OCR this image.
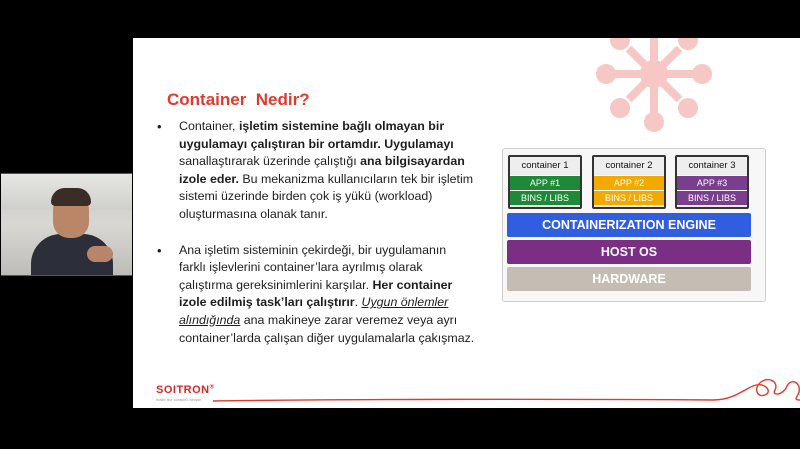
Container  Nedir?
• Container, işletim sistemine bağlı olmayan bir uygulamayı çalıştıran bir ortamdır. Uygulamayı sanallaştırarak üzerinde çalıştığı ana bilgisayardan izole eder. Bu mekanizma kullanıcıların tek bir işletim sistemi üzerinde birden çok iş yükü (workload) oluşturmasına olanak tanır.
• Ana işletim sisteminin çekirdeği, bir uygulamanın farklı işlevlerini container’lara ayrılmış olarak çalıştırma gereksinimlerini karşılar. Her container izole edilmiş task’ları çalıştırır. Uygun önlemler alındığında ana makineye zarar veremez veya ayrı container’larda çalışan diğer uygulamalarla çakışmaz.
container 1
APP #1
BINS / LIBS
container 2
APP #2
BINS / LIBS
container 3
APP #3
BINS / LIBS
CONTAINERIZATION ENGINE
HOST OS
HARDWARE
SOITRON®
make the complex simple
